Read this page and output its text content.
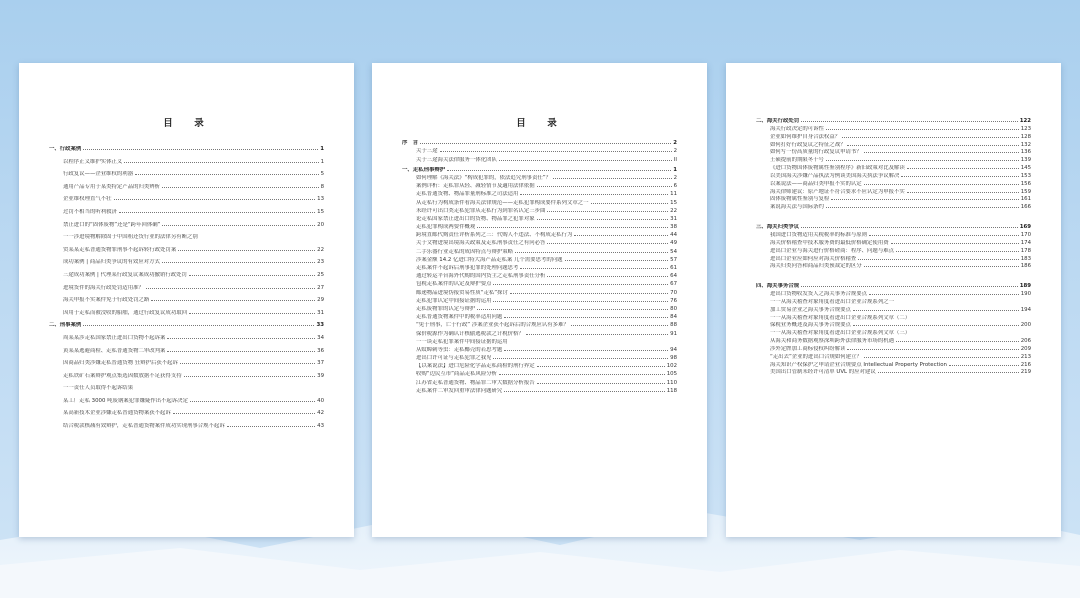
目　录
一、行政案例	1
以程序正义维护实体正义	1
行政复议——企业维权的利器	5
通用产品专用于某类特定产品的归类辨析	8
企业维权理直气不壮	13
过罚不相当的听利救济	15
禁止进口的“固体废物”还是“跨年回体确”	20
一一涉进境物解除固于中国租还货行业的法律另有断之别
贸某某走私普通货物罪刑事不起诉转行政处罚案	22
成功案例 | 商品归类争议的有效应对方式	23
三途成功案例 | 代理某行政复议案成功撤销行政处罚	25
进境货件的海关行政处罚适用准？	27
海关申报不实案件免于行政处罚之路	29
因用于走私而被没收的船舶，通过行政复议成功取回	31
二、刑事案例	33
周某某涉走私国家禁止进出口货物不起诉案	34
黄某某逃避商检、走私普通货物二审改判案	36
因商品归类涉嫌走私普通货物 狂辩护后获不起诉	37
走私铁矿石案辩护观点集选因数放据不足获得支持	39
一一责任人员取得不起诉结果
某工厂走私 3000 吨废钢案犯罪嫌疑作出不起诉决定	40
某高新技术企业涉嫌走私普通货物案获不起诉	42
结合税款核减有效辩护，走私普通货物案件成功实现刑事合规不起诉	43
目　录
序　言	2
关于三途	2
关于三途海关法律服务一体化团队	II
一、走私刑事辩护	1
如何理解《海关法》“构成犯罪的，依法追究刑事责任”？	2
案例详析：走私罪从轻、减轻情节及適用法律依据	6
走私普通货物、物品罪量刑标准之司法适用	11
从走私行为构成条件看海关法律规范——走私犯罪构成要件系列文章之一	15
未经许可出口类走私犯罪从走私行为到罪名认定三步曲	22
论走私国家禁止进出口的货物、物品罪之犯罪对象	31
走私犯罪构成两要件概观	38
跨境直邮代购责任评析系列之三：代购人不违法、不构成走私行为	44
关于文物进境出境海关政策及走私刑事责任之有问必答	49
二手乐器行业走私的成因特点与辩护策略	54
涉案金额 14.2 亿进口特大海产品走私案 几个需要思考的问题	57
走私案件不起诉后刑事犯罪的处理问题思考	61
通过转运平台海外代购的国内货主之走私刑事责任分析	64
包税走私案件的认定及辩护要点	67
邮递物品进境伪报贸易性质“走私”探讨	70
走私犯罪认定中间接证据的运用	76
走私废物罪的认定与辩护	80
走私普通货物案件中的税率适用问题	84
“免于刑事，亡于行政” 涉案企业获不起诉后的合规应认有多难？	88
保价税源作为确认计核偷逃税款之计税价格？	91
一一谈走私犯罪案件中间接证据的运用
从蚊蟑刺等虫：走私椰壳的若思考题	94
进出口许可证与走私犯罪之我见	98
【以案说法】进口危险化学品走私商检的刑行界定	102
收购“边民互市”商品走私风险分析	105
江苏省走私普通货物、物品罪二审大数据分析报告	110
走私案件二审发回重审法律问题研究	118
二、海关行政处罚	122
海关行政决定的可诉性	123
企业如何维护自身合法权益？	128
如何打好行政复议之特征之战？	132
如何写一份高质量的行政复议申请书？	136
王硕提前的期限冬十号	139
《进口货物国体废物属性鉴别程序》新旧政策对比及解读	145
以美国海关涉嫌产品执法为例谈美国海关执法争议解决	153
以案说法——商品归类申报不实的认定	156
海关律师建议：原产地证不符合要求不应认定为申报不实	159
固体废物属性鉴别与复检	161
案说海关法与国际条约	166
三、海关归类争议	169
我国进口货物适用关税税率的标准与原则	170
海关价格稽查中技术服务费的最低价格确定使用费	174
进出口企业与海关进行价格磋商：程序、问题与难点	178
进出口企业应如何应对海关价格稽查	183
海关归类问答和商品归类预裁定的区分	186
四、海关事务合规	189
进出口货物收发货人之海关事务合规要点	190
一一从海关稽查对象角度看进出口企业合规系列之一
加工贸易企业之海关事务合规要点	194
一一从海关稽查对象角度看进出口企业合规系列文章（二）
保税业务概述及海关事务合规要点	200
一一从海关稽查对象角度看进出口企业合规系列文章（三）
从海关和商务数据观察深圳跨外法律服务市场的机遇	206
涉外定牌加工商标侵权纠纷解读	209
“走出去”企业的进出口合规如何建立？	213
海关知识产权保护之申请企业合规要点 Intellectual Property Protection	216
美国出口管制未经许可清单 UVL 的应对建议	219
